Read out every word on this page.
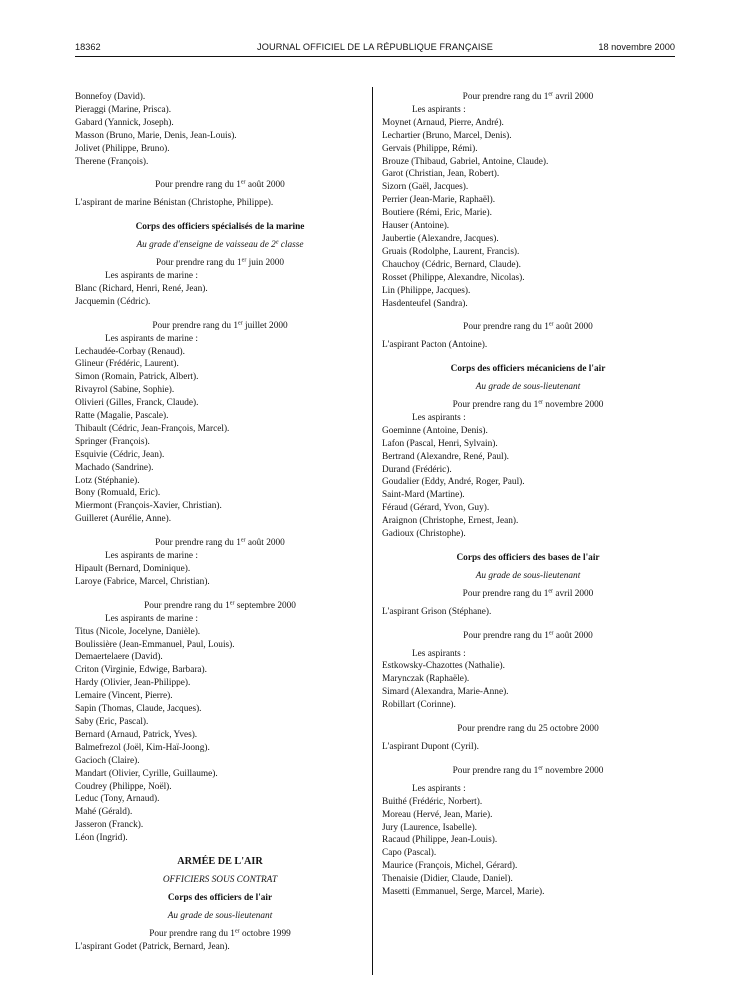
18362	JOURNAL OFFICIEL DE LA RÉPUBLIQUE FRANÇAISE	18 novembre 2000
Bonnefoy (David).
Pieraggi (Marine, Prisca).
Gabard (Yannick, Joseph).
Masson (Bruno, Marie, Denis, Jean-Louis).
Jolivet (Philippe, Bruno).
Therene (François).
Pour prendre rang du 1er août 2000
L'aspirant de marine Bénistan (Christophe, Philippe).
Corps des officiers spécialisés de la marine
Au grade d'enseigne de vaisseau de 2e classe
Pour prendre rang du 1er juin 2000
Les aspirants de marine :
Blanc (Richard, Henri, René, Jean).
Jacquemin (Cédric).
Pour prendre rang du 1er juillet 2000
Les aspirants de marine :
Lechaudée-Corbay (Renaud).
Glineur (Frédéric, Laurent).
Simon (Romain, Patrick, Albert).
Rivayrol (Sabine, Sophie).
Olivieri (Gilles, Franck, Claude).
Ratte (Magalie, Pascale).
Thibault (Cédric, Jean-François, Marcel).
Springer (François).
Esquivie (Cédric, Jean).
Machado (Sandrine).
Lotz (Stéphanie).
Bony (Romuald, Eric).
Miermont (François-Xavier, Christian).
Guilleret (Aurélie, Anne).
Pour prendre rang du 1er août 2000
Les aspirants de marine :
Hipault (Bernard, Dominique).
Laroye (Fabrice, Marcel, Christian).
Pour prendre rang du 1er septembre 2000
Les aspirants de marine :
Titus (Nicole, Jocelyne, Danièle).
Boulissière (Jean-Emmanuel, Paul, Louis).
Demaertelaere (David).
Criton (Virginie, Edwige, Barbara).
Hardy (Olivier, Jean-Philippe).
Lemaire (Vincent, Pierre).
Sapin (Thomas, Claude, Jacques).
Saby (Eric, Pascal).
Bernard (Arnaud, Patrick, Yves).
Balmefrezol (Joël, Kim-Haï-Joong).
Gacioch (Claire).
Mandart (Olivier, Cyrille, Guillaume).
Coudrey (Philippe, Noël).
Leduc (Tony, Arnaud).
Mahé (Gérald).
Jasseron (Franck).
Léon (Ingrid).
ARMÉE DE L'AIR
OFFICIERS SOUS CONTRAT
Corps des officiers de l'air
Au grade de sous-lieutenant
Pour prendre rang du 1er octobre 1999
L'aspirant Godet (Patrick, Bernard, Jean).
Pour prendre rang du 1er avril 2000
Les aspirants :
Moynet (Arnaud, Pierre, André).
Lechartier (Bruno, Marcel, Denis).
Gervais (Philippe, Rémi).
Brouze (Thibaud, Gabriel, Antoine, Claude).
Garot (Christian, Jean, Robert).
Sizorn (Gaël, Jacques).
Perrier (Jean-Marie, Raphaël).
Boutiere (Rémi, Eric, Marie).
Hauser (Antoine).
Jaubertie (Alexandre, Jacques).
Gruais (Rodolphe, Laurent, Francis).
Chauchoy (Cédric, Bernard, Claude).
Rosset (Philippe, Alexandre, Nicolas).
Lin (Philippe, Jacques).
Hasdenteufel (Sandra).
Pour prendre rang du 1er août 2000
L'aspirant Pacton (Antoine).
Corps des officiers mécaniciens de l'air
Au grade de sous-lieutenant
Pour prendre rang du 1er novembre 2000
Les aspirants :
Goeminne (Antoine, Denis).
Lafon (Pascal, Henri, Sylvain).
Bertrand (Alexandre, René, Paul).
Durand (Frédéric).
Goudalier (Eddy, André, Roger, Paul).
Saint-Mard (Martine).
Féraud (Gérard, Yvon, Guy).
Araignon (Christophe, Ernest, Jean).
Gadioux (Christophe).
Corps des officiers des bases de l'air
Au grade de sous-lieutenant
Pour prendre rang du 1er avril 2000
L'aspirant Grison (Stéphane).
Pour prendre rang du 1er août 2000
Les aspirants :
Estkowsky-Chazottes (Nathalie).
Marynczak (Raphaële).
Simard (Alexandra, Marie-Anne).
Robillart (Corinne).
Pour prendre rang du 25 octobre 2000
L'aspirant Dupont (Cyril).
Pour prendre rang du 1er novembre 2000
Les aspirants :
Buithé (Frédéric, Norbert).
Moreau (Hervé, Jean, Marie).
Jury (Laurence, Isabelle).
Racaud (Philippe, Jean-Louis).
Capo (Pascal).
Maurice (François, Michel, Gérard).
Thenaisie (Didier, Claude, Daniel).
Masetti (Emmanuel, Serge, Marcel, Marie).
